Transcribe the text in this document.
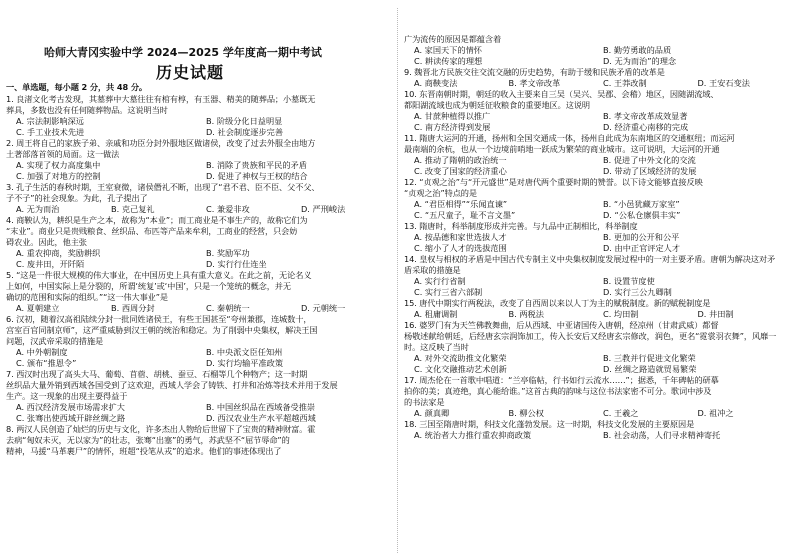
哈师大青冈实验中学 2024—2025 学年度高一期中考试
历史试题
一、单选题，每小题 2 分，共 48 分。
1. 良渚文化考古发现，其墓葬中大墓往往有棺有椁，有玉器、精美的随葬品；小墓既无
葬具，多数也没有任何随葬物品。这说明当时
A. 宗法制影响深远	B. 阶级分化日益明显
C. 手工业技术先进	D. 社会制度逐步完善
2. 周王将自己的家族子弟、亲戚和功臣分封外服地区做诸侯，改变了过去外服全由地方
土著部落首领的局面。这一做法
A. 实现了权力高度集中	B. 消除了贵族和平民的矛盾
C. 加强了对地方的控制	D. 促进了神权与王权的结合
3. 孔子生活的春秋时期，王室衰微，诸侯僭礼不断，出现了“君不君、臣不臣、父不父、
子不子”的社会现象。为此，孔子提出了
A. 无为而治	B. 克己复礼	C. 兼爱非攻	D. 严刑峻法
4. 商鞅认为，耕织是生产之本，故称为“本业”；而工商业是不事生产的，故称它们为
“末业”。商业只是贵贱粮食、丝织品、布匹等产品来牟利，工商业的经营，只会妨
碍农业。因此，他主张
A. 重农抑商，奖励耕织	B. 奖励军功
C. 废井田，开阡陌	D. 实行行仕连坐
5. “这是一件很大规模的伟大事业，在中国历史上具有重大意义。在此之前，无论名义
上如何，中国实际上是分裂的，所谓‘统复’或‘中国’，只是一个笼统的概念，并无
确切的范围和实际的组织。”“这一伟大事业”是
A. 夏朝建立	B. 西周分封	C. 秦朝统一	D. 元朝统一
6. 汉初，随着汉高祖陆续分封一批同姓诸侯王，有些王国甚至“夸州兼郡，连城数十，
宫室百官同制京师”，这严重威胁到汉王朝的统治和稳定。为了削弱中央集权，解决王国
问题，汉武帝采取的措施是
A. 中外朝制度	B. 中央派文臣任知州
C. 颁布“推恩令”	D. 实行均输平准政策
7. 西汉时出现了高头大马、葡萄、苜蓿、胡桃、蚕豆、石榴等几个种物产；这一时期
丝织品大量外销到西域各国受到了这欢迎，西域人学会了铸铁、打井和冶炼等技术并用于发展
生产。这一现象的出现主要得益于
A. 西汉经济发展市场需求扩大	B. 中国丝织品在西域备受推崇
C. 张骞出使西域开辟丝绸之路	D. 西汉农业生产水平超越西域
8. 两汉人民创造了灿烂的历史与文化，许多杰出人物给后世留下了宝贵的精神财富。霍
去病“匈奴未灭，无以家为”的壮志，张骞“出塞”的勇气，苏武坚不“屈节辱命”的
精神，马援“马革裹尸”的情怀，班超“投笔从戎”的追求。他们的事迹体现出了
广为流传的原因是都蕴含着
A. 家国天下的情怀	B. 勤劳勇敢的品质
C. 耕读传家的理想	D. 无为而治”的理念
9. 魏晋北方民族交往交流交融的历史趋势，有助于缓和民族矛盾的改革是
A. 商鞅变法	B. 孝文帝改革	C. 王莽改制	D. 王安石变法
10. 东晋南朝时期，朝廷的收入主要来自三吴（吴兴、吴郡、会稽）地区，因随湖流域、
都阳湖流域也成为朝廷征收粮食的重要地区。这说明
A. 甘蔗种植得以推广	B. 孝文帝改革成效显著
C. 南方经济得到发展	D. 经济重心南移的完成
11. 隋唐大运河的开通，扬州和全国交通成一体，扬州自此成为东南地区的交通枢纽；而运河
最南端的余杭，也从一个边境前哨地一跃成为繁荣的商业城市。这可说明，大运河的开通
A. 推动了隋朝的政治统一	B. 促进了中外文化的交流
C. 改变了国家的经济重心	D. 带动了区域经济的发展
12. “贞观之治”与“开元盛世”是对唐代两个重要时期的赞誉。以下诗文能够直接反映
“贞观之治”特点的是
A. “君臣相得”“乐闻直谏”	B. “小邑犹藏万家室”
C. “五尺童子，耻不言文墨”	D. “公私仓廪俱丰实”
13. 隋唐时，科举制度形成并完善。与九品中正制相比，科举制度
A. 按品德和家世选拔人才	B. 更加的公开和公平
C. 缩小了人才的选拔范围	D. 由中正官评定人才
14. 皇权与相权的矛盾是中国古代专制主义中央集权制度发展过程中的一对主要矛盾。唐朝为解决这对矛
盾采取的措施是
A. 实行行省制	B. 设置节度使
C. 实行三省六部制	D. 实行三公九卿制
15. 唐代中期实行两税法，改变了自西周以来以人丁为主的赋税制度。新的赋税制度是
A. 租庸调制	B. 两税法	C. 均田制	D. 井田制
16. 婆罗门有为天竺佛教舞曲，后从西域、中亚诸国传入唐朝，经凉州（甘肃武威）都督
杨敬述献给朝廷，后经唐玄宗润饰加工，传入长安后又经唐玄宗修改，润色，更名“霓裳羽衣舞”，风靡一
时。这反映了当时
A. 对外交流助推文化繁荣	B. 三教并行促进文化繁荣
C. 文化交融推动艺术创新	D. 丝绸之路造就贸易繁荣
17. 周杰伦在一首歌中唱道：“兰亭临帖，行书如行云流水……”；据悉，千年碑帖的研摹
拍你的美；真迹绝，真心能给谁。”这首古典的韵味与这位书法家密不可分。歌词中涉及
的书法家是
A. 颜真卿	B. 柳公权	C. 王羲之	D. 祖冲之
18. 三国至隋唐时期，科技文化蓬勃发展。这一时期，科技文化发展的主要原因是
A. 统治者大力推行重农抑商政策	B. 社会动荡，人们寻求精神寄托
